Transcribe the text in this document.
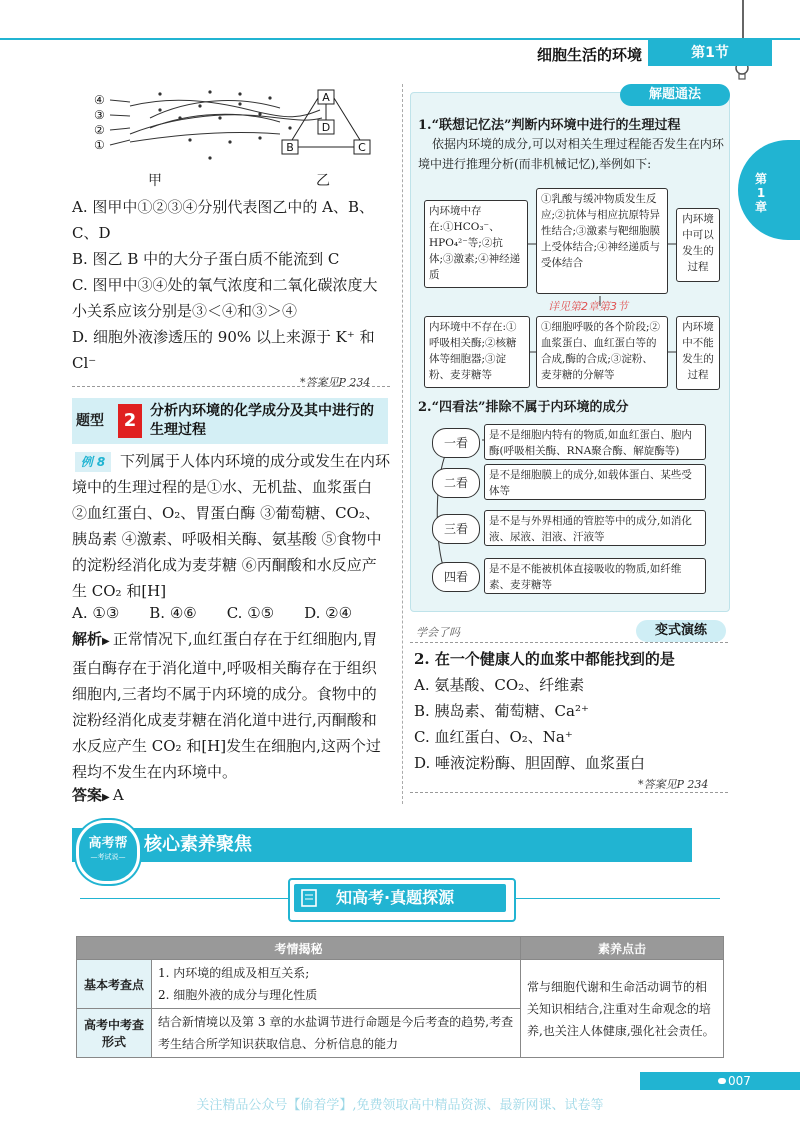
细胞生活的环境	第1节
第1章
④
③
②
①
A
D
B	C
甲	乙
A. 图甲中①②③④分别代表图乙中的 A、B、C、D
B. 图乙 B 中的大分子蛋白质不能流到 C
C. 图甲中③④处的氧气浓度和二氧化碳浓度大小关系应该分别是③＜④和③＞④
D. 细胞外液渗透压的 90% 以上来源于 K⁺ 和 Cl⁻
*答案见P 234
题型	2 分析内环境的化学成分及其中进行的生理过程
下列属于人体内环境的成分或发生在内环境中的生理过程的是①水、无机盐、血浆蛋白 ②血红蛋白、O₂、胃蛋白酶 ③葡萄糖、CO₂、胰岛素 ④激素、呼吸相关酶、氨基酸 ⑤食物中的淀粉经消化成为麦芽糖 ⑥丙酮酸和水反应产生 CO₂ 和[H]
例 8
A. ①③　　B. ④⑥　　C. ①⑤　　D. ②④
解析▶ 正常情况下,血红蛋白存在于红细胞内,胃蛋白酶存在于消化道中,呼吸相关酶存在于组织细胞内,三者均不属于内环境的成分。食物中的淀粉经消化成麦芽糖在消化道中进行,丙酮酸和水反应产生 CO₂ 和[H]发生在细胞内,这两个过程均不发生在内环境中。
答案▶ A
解题通法
1.“联想记忆法”判断内环境中进行的生理过程
依据内环境的成分,可以对相关生理过程能否发生在内环境中进行推理分析(而非机械记忆),举例如下:
内环境中存在:①HCO₃⁻、HPO₄²⁻等;②抗体;③激素;④神经递质
①乳酸与缓冲物质发生反应;②抗体与相应抗原特异性结合;③激素与靶细胞膜上受体结合;④神经递质与受体结合
内环境中可以发生的过程
详见第2章第3节
内环境中不存在:①呼吸相关酶;②核糖体等细胞器;③淀粉、麦芽糖等
①细胞呼吸的各个阶段;②血浆蛋白、血红蛋白等的合成,酶的合成;③淀粉、麦芽糖的分解等
内环境中不能发生的过程
2.“四看法”排除不属于内环境的成分
一看
是不是细胞内特有的物质,如血红蛋白、胞内酶(呼吸相关酶、RNA聚合酶、解旋酶等)
二看
是不是细胞膜上的成分,如载体蛋白、某些受体等
三看
是不是与外界相通的管腔等中的成分,如消化液、尿液、泪液、汗液等
四看
是不是不能被机体直接吸收的物质,如纤维素、麦芽糖等
学会了吗	变式演练
2. 在一个健康人的血浆中都能找到的是
A. 氨基酸、CO₂、纤维素
B. 胰岛素、葡萄糖、Ca²⁺
C. 血红蛋白、O₂、Na⁺
D. 唾液淀粉酶、胆固醇、血浆蛋白
*答案见P 234
高考帮
—考试说—
核心素养聚焦
知高考·真题探源
考情揭秘		素养点击
基本考查点	1. 内环境的组成及相互关系;
2. 细胞外液的成分与理化性质	常与细胞代谢和生命活动调节的相关知识相结合,注重对生命观念的培养,也关注人体健康,强化社会责任。
高考中考查形式	结合新情境以及第 3 章的水盐调节进行命题是今后考查的趋势,考查考生结合所学知识获取信息、分析信息的能力	
007
关注精品公众号【偷着学】,免费领取高中精品资源、最新网课、试卷等
